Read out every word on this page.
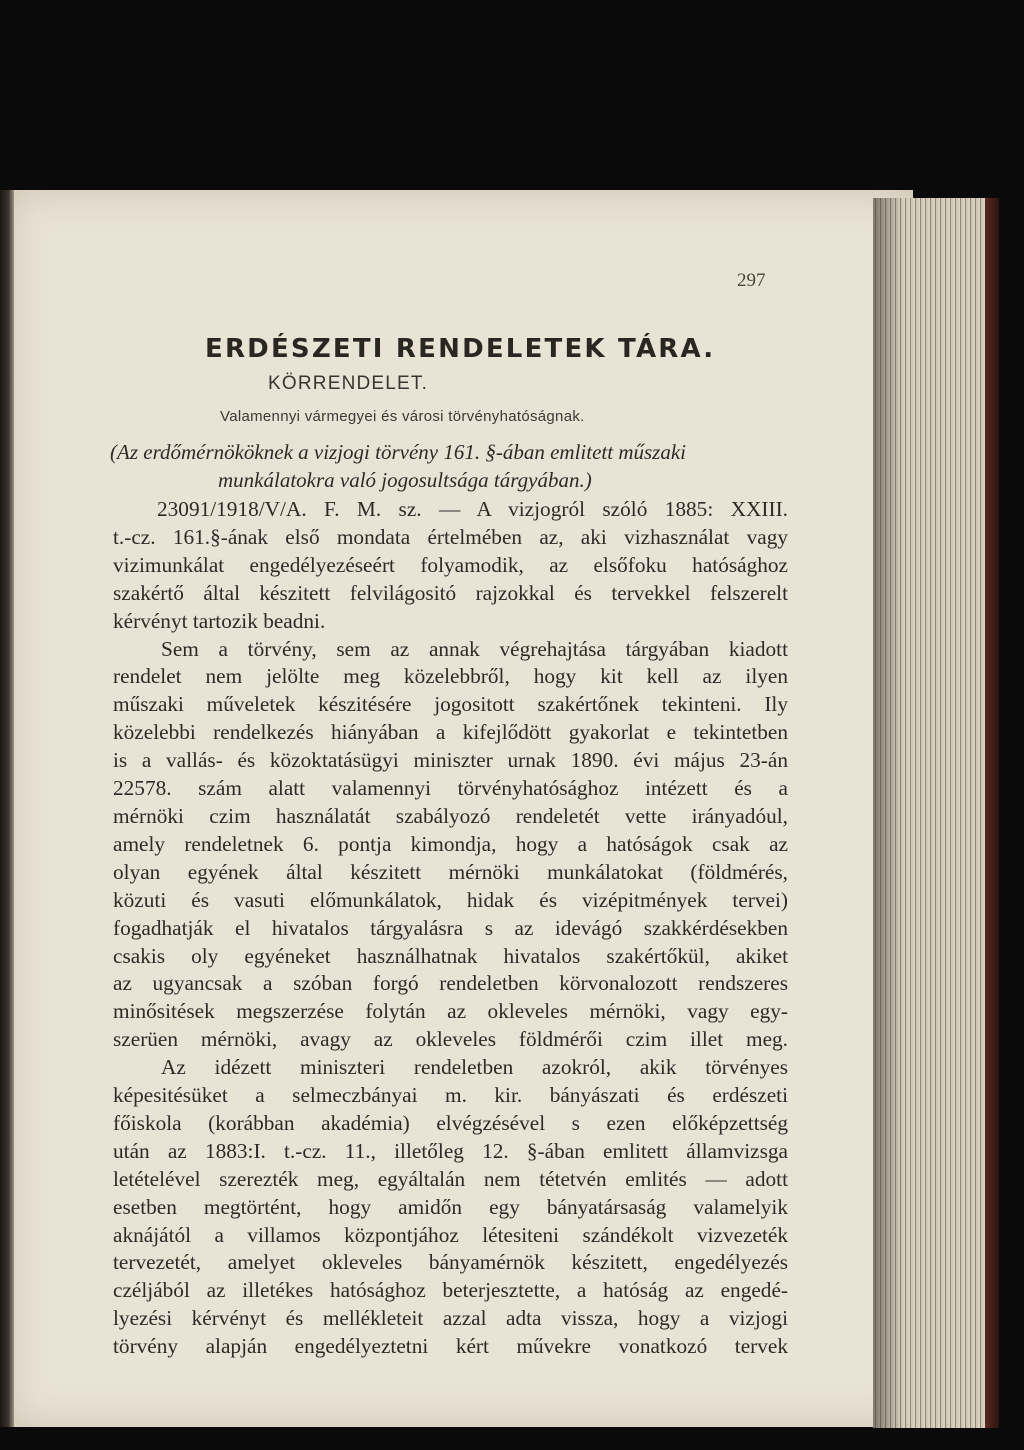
297
ERDÉSZETI RENDELETEK TÁRA.
KÖRRENDELET.
Valamennyi vármegyei és városi törvényhatóságnak.
(Az erdőmérnököknek a vizjogi törvény 161. §-ában emlitett műszaki
munkálatokra való jogosultsága tárgyában.)
23091/1918/V/A. F. M. sz. — A vizjogról szóló 1885: XXIII.
t.-cz. 161.§-ának első mondata értelmében az, aki vizhasználat vagy
vizimunkálat engedélyezéseért folyamodik, az elsőfoku hatósághoz
szakértő által készitett felvilágositó rajzokkal és tervekkel felszerelt
kérvényt tartozik beadni.
Sem a törvény, sem az annak végrehajtása tárgyában kiadott
rendelet nem jelölte meg közelebbről, hogy kit kell az ilyen
műszaki műveletek készitésére jogositott szakértőnek tekinteni. Ily
közelebbi rendelkezés hiányában a kifejlődött gyakorlat e tekintetben
is a vallás- és közoktatásügyi miniszter urnak 1890. évi május 23-án
22578. szám alatt valamennyi törvényhatósághoz intézett és a
mérnöki czim használatát szabályozó rendeletét vette irányadóul,
amely rendeletnek 6. pontja kimondja, hogy a hatóságok csak az
olyan egyének által készitett mérnöki munkálatokat (földmérés,
közuti és vasuti előmunkálatok, hidak és vizépitmények tervei)
fogadhatják el hivatalos tárgyalásra s az idevágó szakkérdésekben
csakis oly egyéneket használhatnak hivatalos szakértőkül, akiket
az ugyancsak a szóban forgó rendeletben körvonalozott rendszeres
minősitések megszerzése folytán az okleveles mérnöki, vagy egy-
szerüen mérnöki, avagy az okleveles földmérői czim illet meg.
Az idézett miniszteri rendeletben azokról, akik törvényes
képesitésüket a selmeczbányai m. kir. bányászati és erdészeti
főiskola (korábban akadémia) elvégzésével s ezen előképzettség
után az 1883:I. t.-cz. 11., illetőleg 12. §-ában emlitett államvizsga
letételével szerezték meg, egyáltalán nem tétetvén emlités — adott
esetben megtörtént, hogy amidőn egy bányatársaság valamelyik
aknájától a villamos központjához létesiteni szándékolt vizvezeték
tervezetét, amelyet okleveles bányamérnök készitett, engedélyezés
czéljából az illetékes hatósághoz beterjesztette, a hatóság az engedé-
lyezési kérvényt és mellékleteit azzal adta vissza, hogy a vizjogi
törvény alapján engedélyeztetni kért művekre vonatkozó tervek
